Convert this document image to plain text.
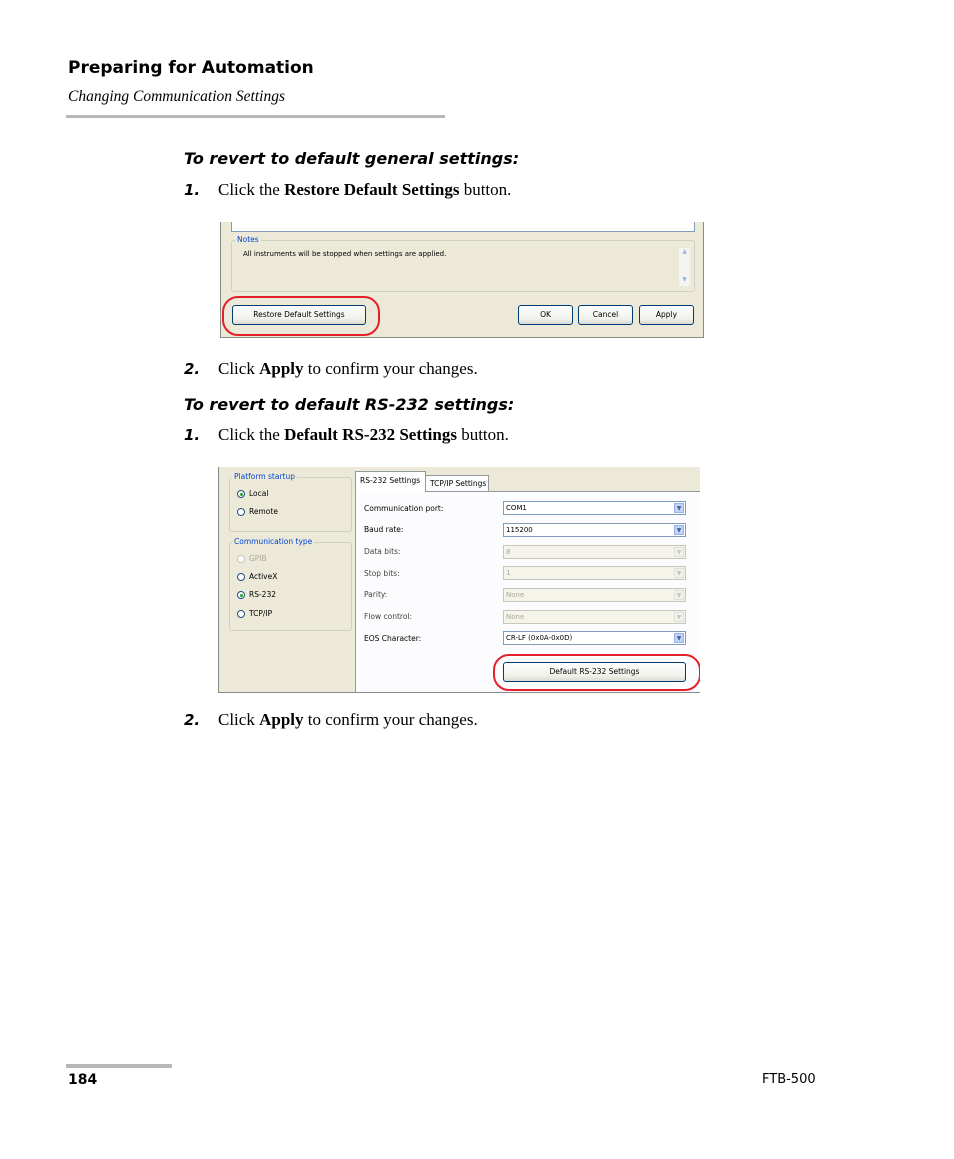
Preparing for Automation
Changing Communication Settings
To revert to default general settings:
1. Click the Restore Default Settings button.
Notes
All instruments will be stopped when settings are applied.	▲
▼
Restore Default Settings	OK	Cancel	Apply
2. Click Apply to confirm your changes.
To revert to default RS-232 settings:
1. Click the Default RS-232 Settings button.
Platform startup
Local
Remote
Communication type
GPIB
ActiveX
RS-232
TCP/IP
RS-232 Settings	TCP/IP Settings
Communication port:	COM1	▼
Baud rate:	115200	▼
Data bits:	8	▼
Stop bits:	1	▼
Parity:	None	▼
Flow control:	None	▼
EOS Character:	CR-LF (0x0A-0x0D)	▼
Default RS-232 Settings
2. Click Apply to confirm your changes.
184	FTB-500
